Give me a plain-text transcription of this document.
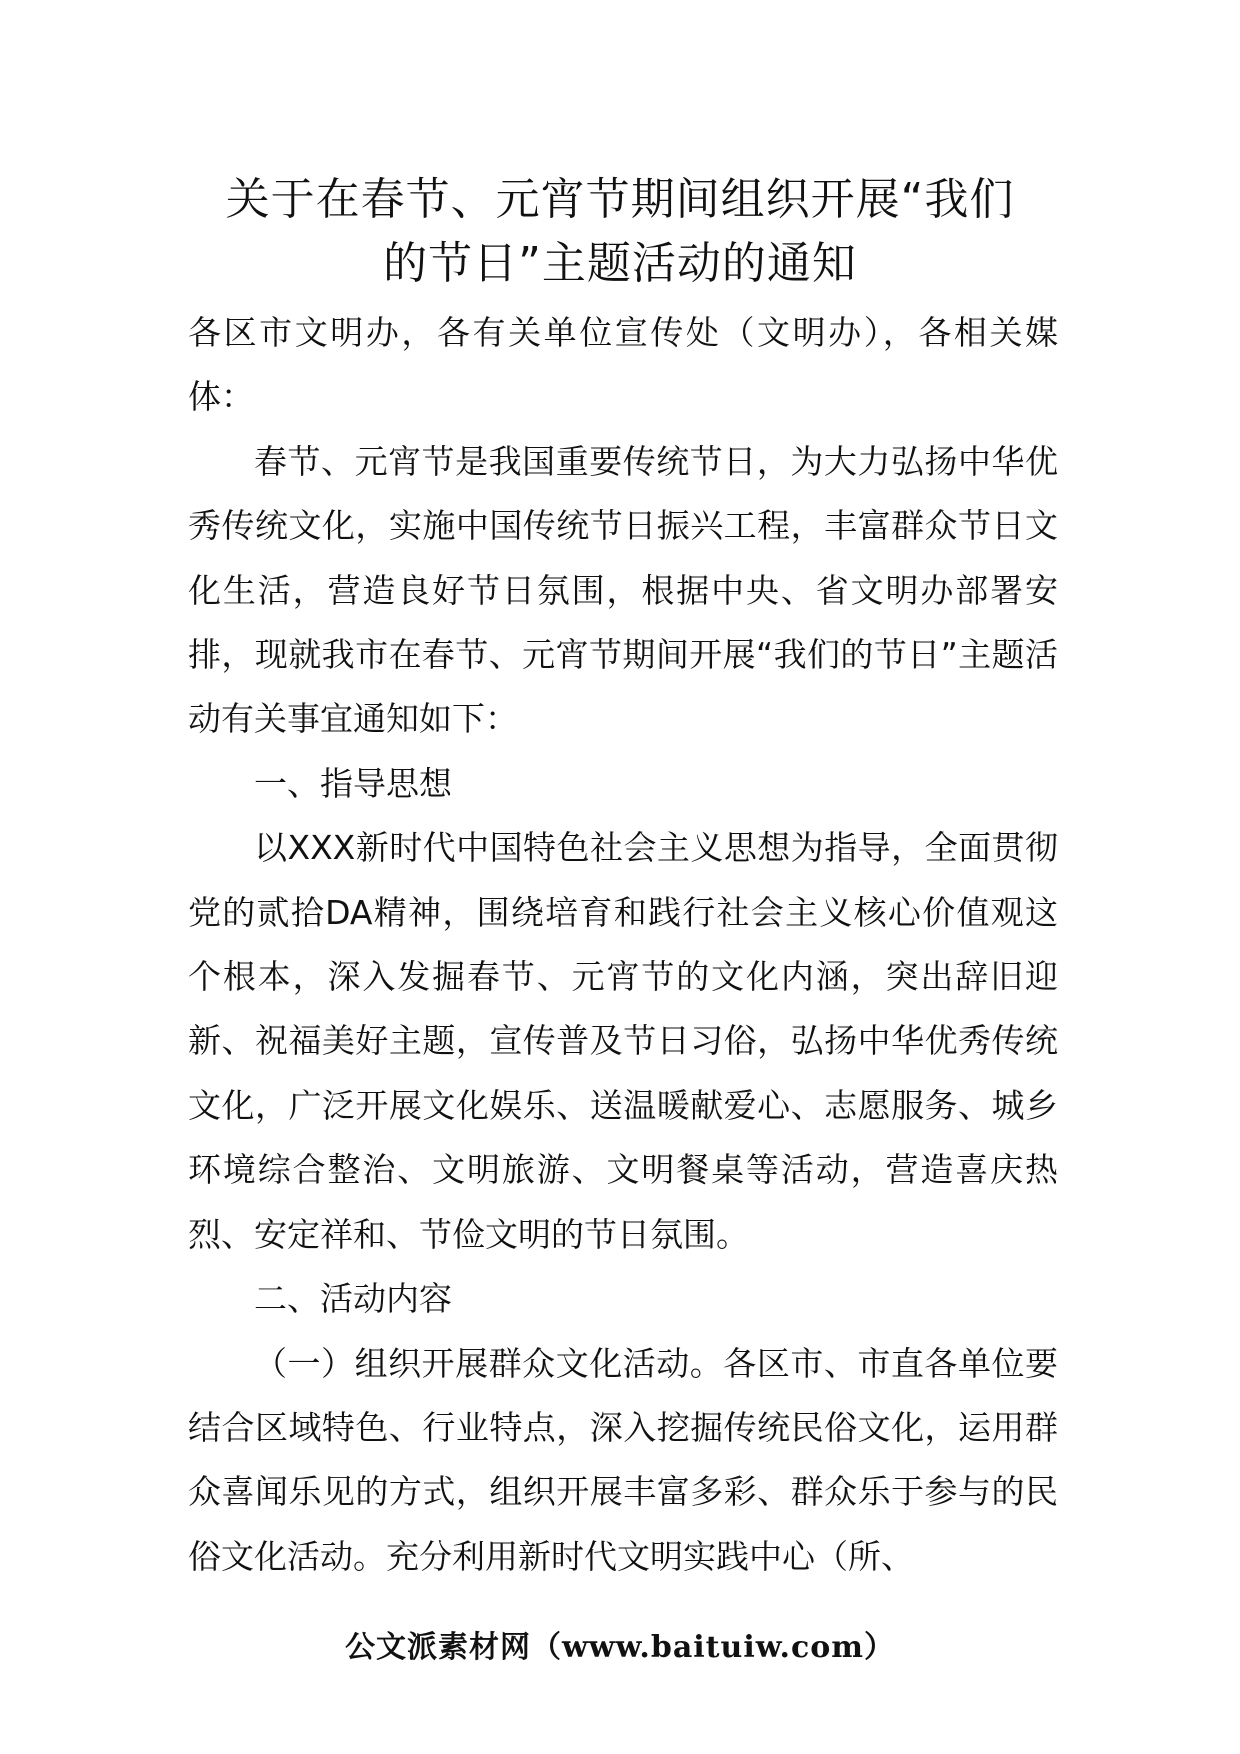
关于在春节、元宵节期间组织开展“我们
的节日”主题活动的通知

各区市文明办，各有关单位宣传处（文明办），各相关媒体：

春节、元宵节是我国重要传统节日，为大力弘扬中华优秀传统文化，实施中国传统节日振兴工程，丰富群众节日文化生活，营造良好节日氛围，根据中央、省文明办部署安排，现就我市在春节、元宵节期间开展“我们的节日”主题活动有关事宜通知如下：

一、指导思想

以XXX新时代中国特色社会主义思想为指导，全面贯彻党的贰拾DA精神，围绕培育和践行社会主义核心价值观这个根本，深入发掘春节、元宵节的文化内涵，突出辞旧迎新、祝福美好主题，宣传普及节日习俗，弘扬中华优秀传统文化，广泛开展文化娱乐、送温暖献爱心、志愿服务、城乡环境综合整治、文明旅游、文明餐桌等活动，营造喜庆热烈、安定祥和、节俭文明的节日氛围。

二、活动内容

（一）组织开展群众文化活动。各区市、市直各单位要结合区域特色、行业特点，深入挖掘传统民俗文化，运用群众喜闻乐见的方式，组织开展丰富多彩、群众乐于参与的民俗文化活动。充分利用新时代文明实践中心（所、

公文派素材网（www.baituiw.com）
